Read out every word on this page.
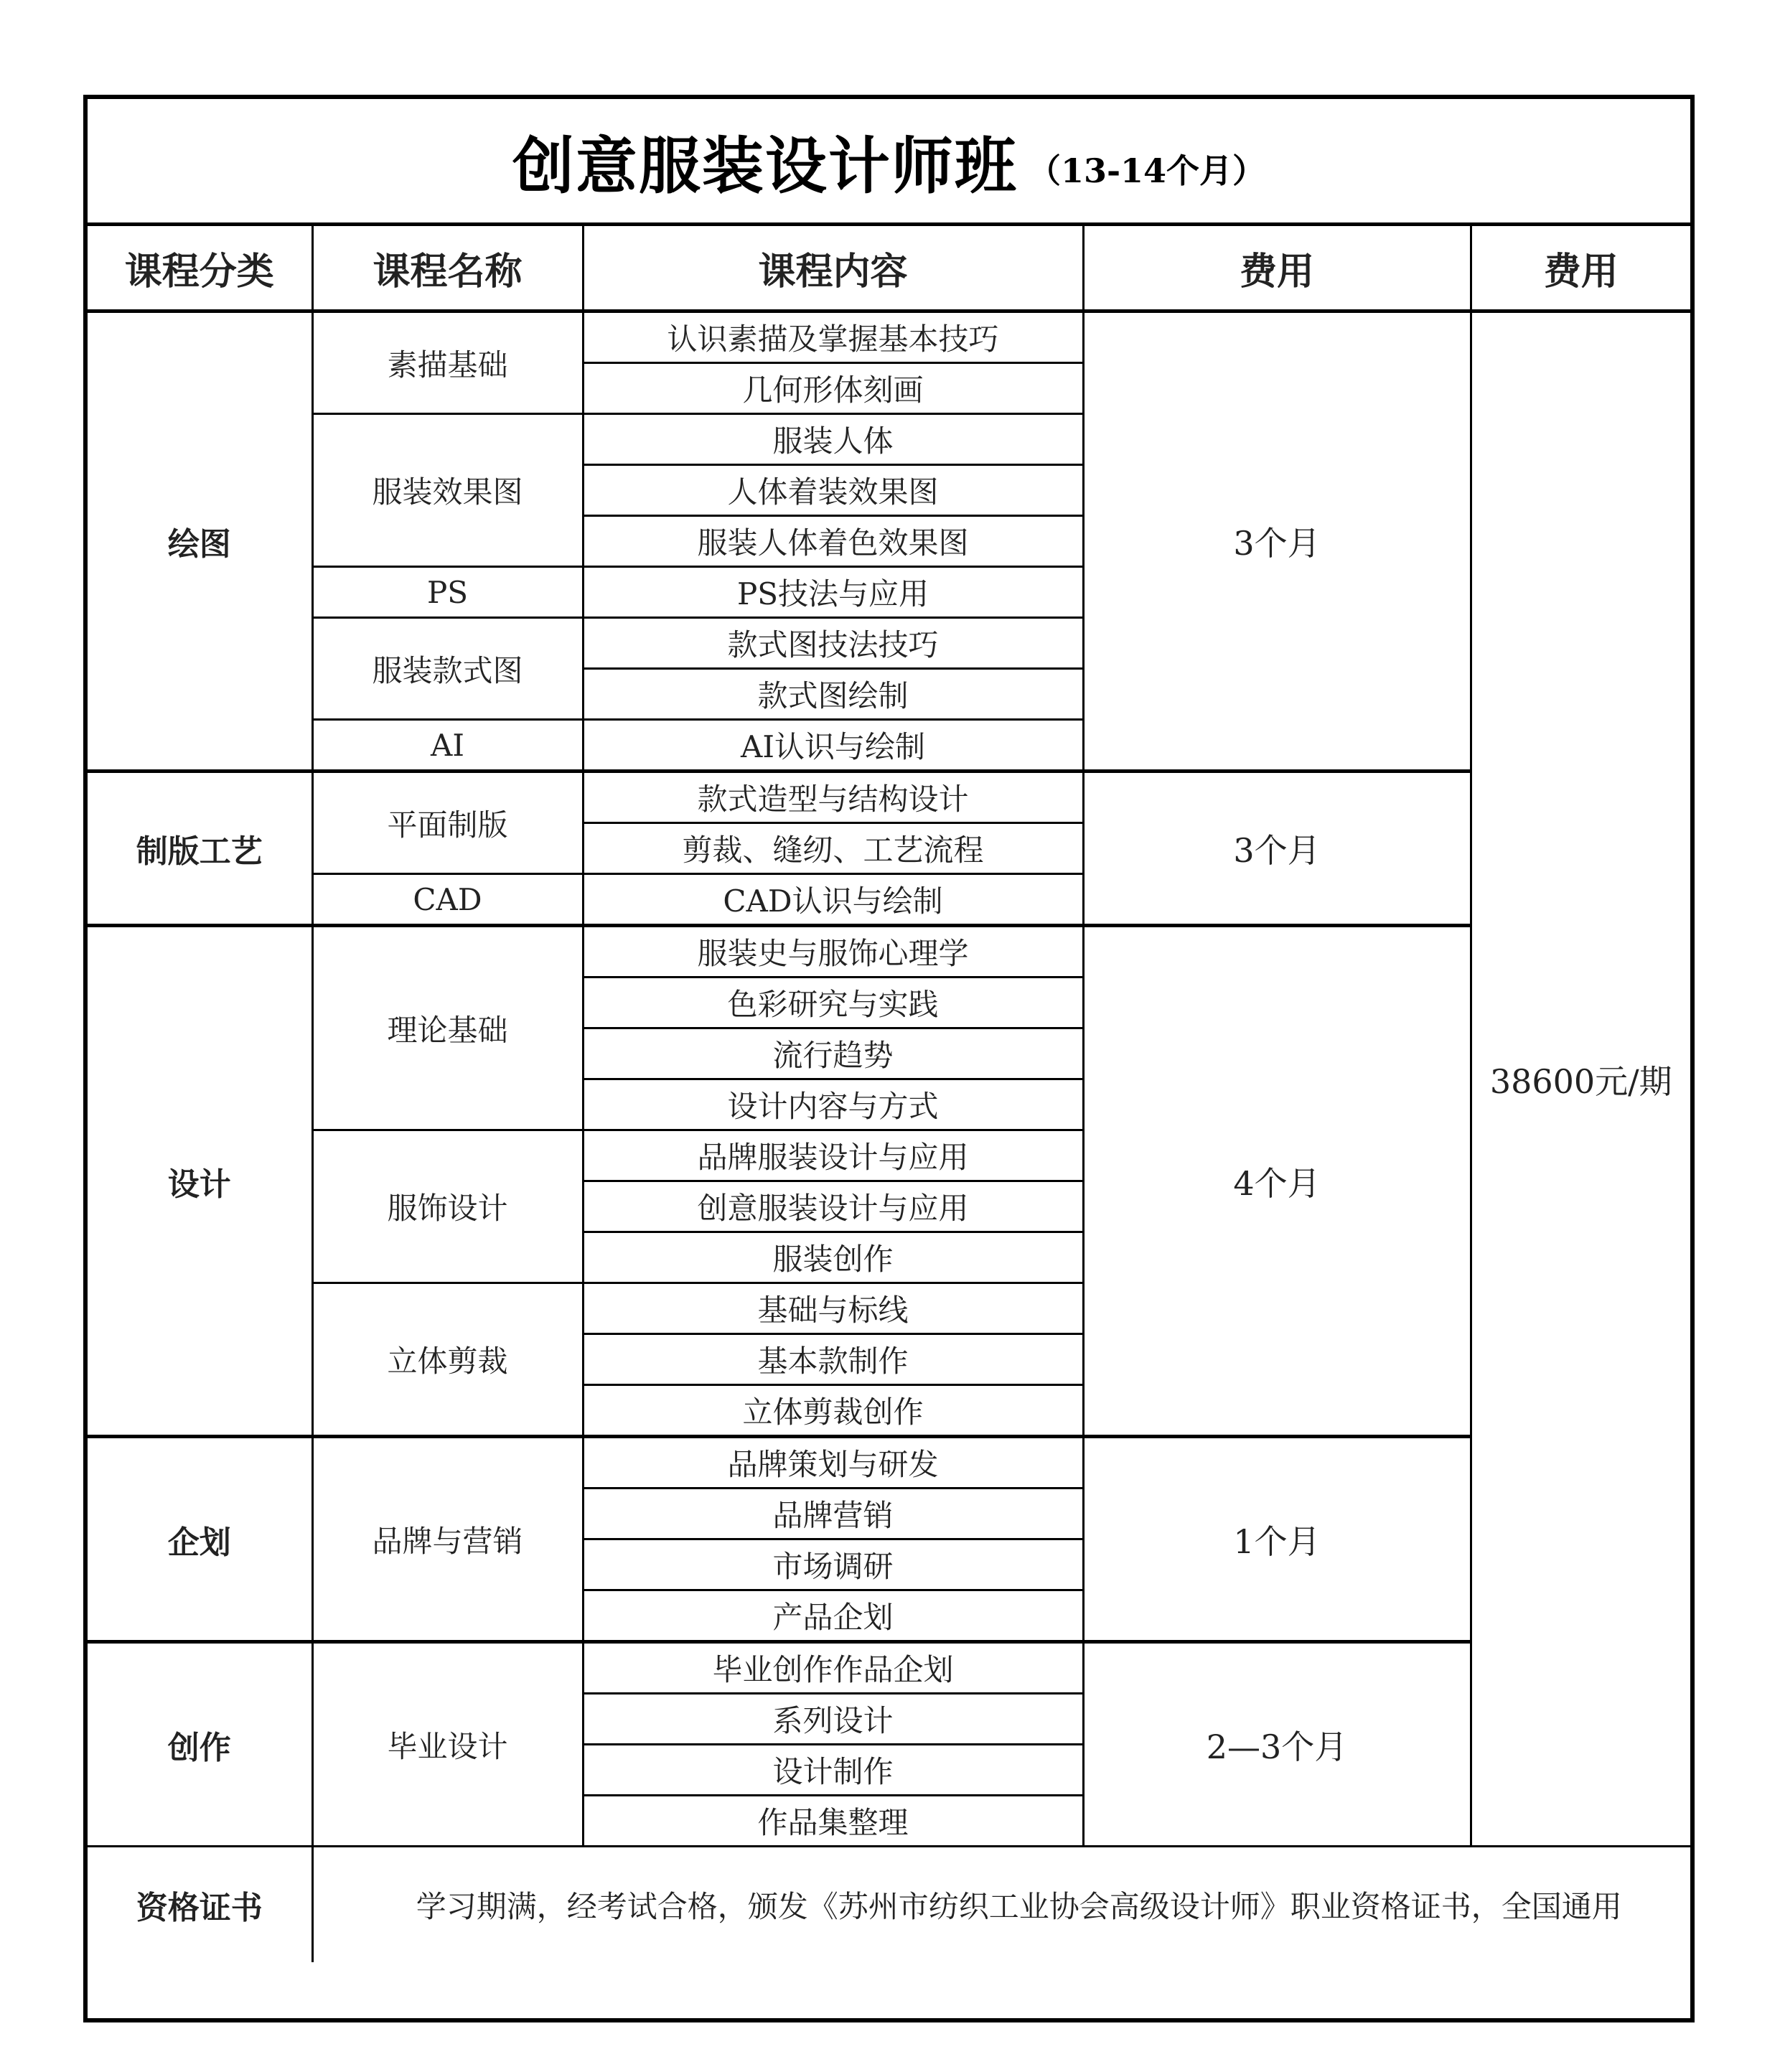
创意服装设计师班 （13-14个月）
课程分类	课程名称	课程内容	费用	费用
绘图	素描基础	认识素描及掌握基本技巧	3个月	38600元/期
		几何形体刻画		
	服装效果图	服装人体		
		人体着装效果图		
		服装人体着色效果图		
	PS	PS技法与应用		
	服装款式图	款式图技法技巧		
		款式图绘制		
	AI	AI认识与绘制		
制版工艺	平面制版	款式造型与结构设计	3个月	
		剪裁、缝纫、工艺流程		
	CAD	CAD认识与绘制		
设计	理论基础	服装史与服饰心理学	4个月	
		色彩研究与实践		
		流行趋势		
		设计内容与方式		
	服饰设计	品牌服装设计与应用		
		创意服装设计与应用		
		服装创作		
	立体剪裁	基础与标线		
		基本款制作		
		立体剪裁创作		
企划	品牌与营销	品牌策划与研发	1个月	
		品牌营销		
		市场调研		
		产品企划		
创作	毕业设计	毕业创作作品企划	2—3个月	
		系列设计		
		设计制作		
		作品集整理		
资格证书	学习期满，经考试合格，颁发《苏州市纺织工业协会高级设计师》职业资格证书，全国通用			
